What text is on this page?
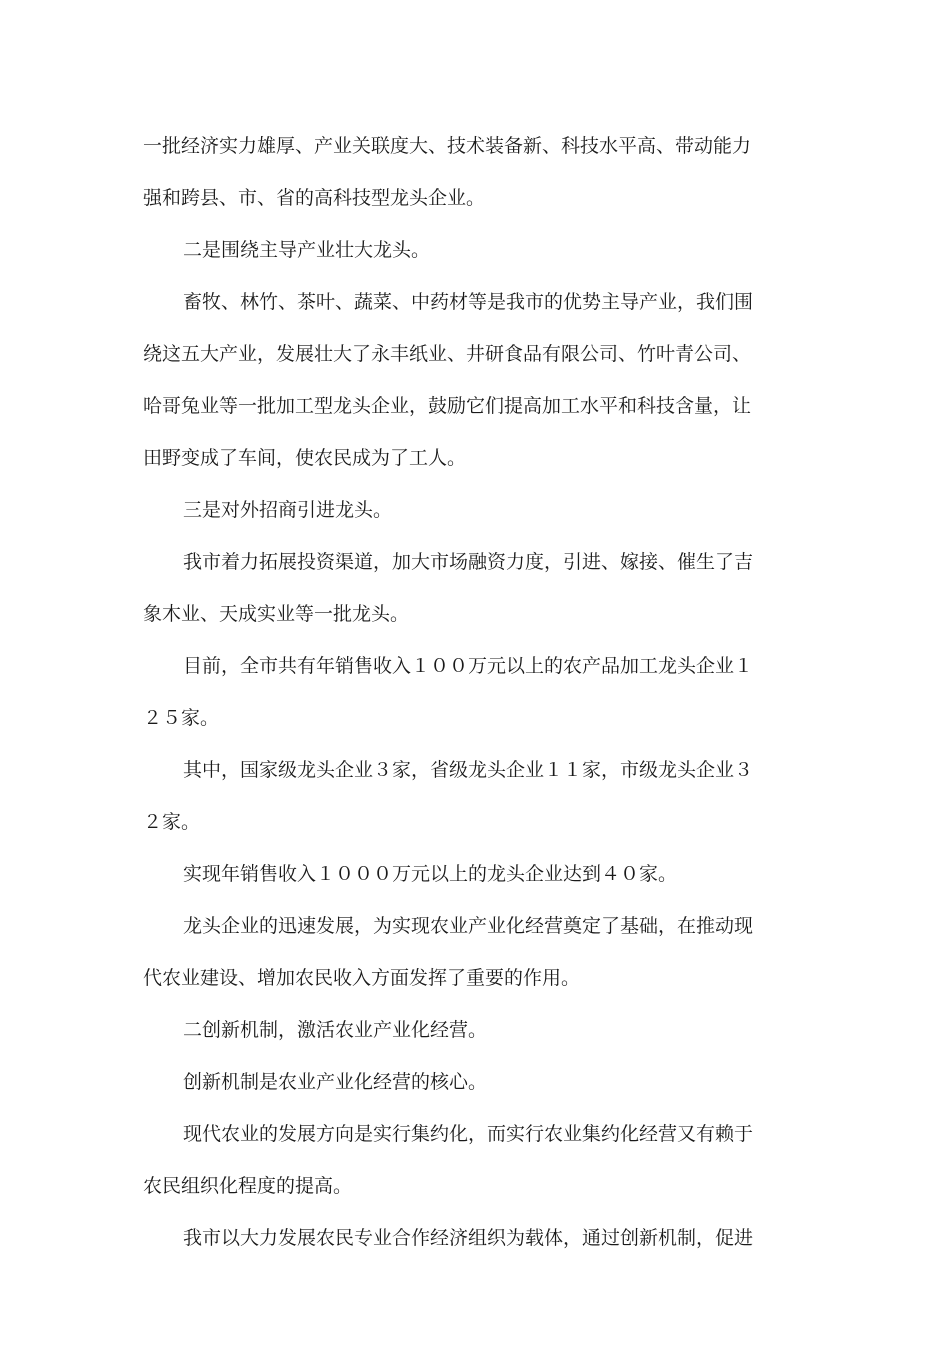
一批经济实力雄厚、产业关联度大、技术装备新、科技水平高、带动能力
强和跨县、市、省的高科技型龙头企业。
二是围绕主导产业壮大龙头。
畜牧、林竹、茶叶、蔬菜、中药材等是我市的优势主导产业，我们围
绕这五大产业，发展壮大了永丰纸业、井研食品有限公司、竹叶青公司、
哈哥兔业等一批加工型龙头企业，鼓励它们提高加工水平和科技含量，让
田野变成了车间，使农民成为了工人。
三是对外招商引进龙头。
我市着力拓展投资渠道，加大市场融资力度，引进、嫁接、催生了吉
象木业、天成实业等一批龙头。
目前，全市共有年销售收入１００万元以上的农产品加工龙头企业１
２５家。
其中，国家级龙头企业３家，省级龙头企业１１家，市级龙头企业３
２家。
实现年销售收入１０００万元以上的龙头企业达到４０家。
龙头企业的迅速发展，为实现农业产业化经营奠定了基础，在推动现
代农业建设、增加农民收入方面发挥了重要的作用。
二创新机制，激活农业产业化经营。
创新机制是农业产业化经营的核心。
现代农业的发展方向是实行集约化，而实行农业集约化经营又有赖于
农民组织化程度的提高。
我市以大力发展农民专业合作经济组织为载体，通过创新机制，促进
